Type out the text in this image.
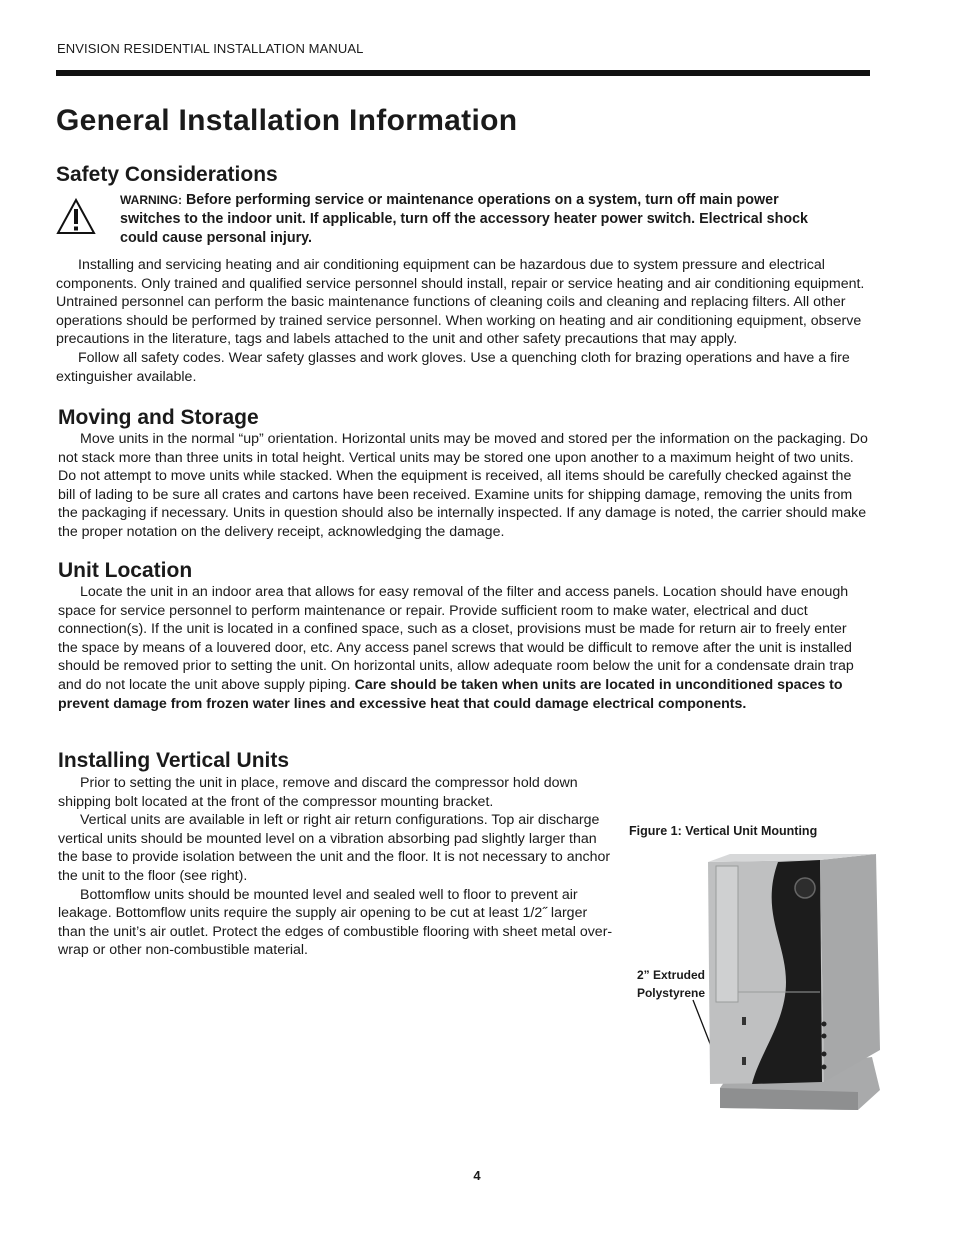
ENVISION RESIDENTIAL INSTALLATION MANUAL
General Installation Information
Safety Considerations
WARNING: Before performing service or maintenance operations on a system, turn off main power switches to the indoor unit. If applicable, turn off the accessory heater power switch. Electrical shock could cause personal injury.

Installing and servicing heating and air conditioning equipment can be hazardous due to system pressure and electrical components. Only trained and qualified service personnel should install, repair or service heating and air conditioning equipment. Untrained personnel can perform the basic maintenance functions of cleaning coils and cleaning and replacing filters. All other operations should be performed by trained service personnel. When working on heating and air conditioning equipment, observe precautions in the literature, tags and labels attached to the unit and other safety precautions that may apply.

Follow all safety codes. Wear safety glasses and work gloves. Use a quenching cloth for brazing operations and have a fire extinguisher available.

Moving and Storage

Move units in the normal “up” orientation. Horizontal units may be moved and stored per the information on the packaging. Do not stack more than three units in total height. Vertical units may be stored one upon another to a maximum height of two units. Do not attempt to move units while stacked. When the equipment is received, all items should be carefully checked against the bill of lading to be sure all crates and cartons have been received. Examine units for shipping damage, removing the units from the packaging if necessary. Units in question should also be internally inspected. If any damage is noted, the carrier should make the proper notation on the delivery receipt, acknowledging the damage.

Unit Location

Locate the unit in an indoor area that allows for easy removal of the filter and access panels. Location should have enough space for service personnel to perform maintenance or repair. Provide sufficient room to make water, electrical and duct connection(s). If the unit is located in a confined space, such as a closet, provisions must be made for return air to freely enter the space by means of a louvered door, etc. Any access panel screws that would be difficult to remove after the unit is installed should be removed prior to setting the unit. On horizontal units, allow adequate room below the unit for a condensate drain trap and do not locate the unit above supply piping. Care should be taken when units are located in unconditioned spaces to prevent damage from frozen water lines and excessive heat that could damage electrical components.

Installing Vertical Units

Prior to setting the unit in place, remove and discard the compressor hold down shipping bolt located at the front of the compressor mounting bracket.

Vertical units are available in left or right air return configurations. Top air discharge vertical units should be mounted level on a vibration absorbing pad slightly larger than the base to provide isolation between the unit and the floor. It is not necessary to anchor the unit to the floor (see right).

Bottomflow units should be mounted level and sealed well to floor to prevent air leakage. Bottomflow units require the supply air opening to be cut at least 1/2˝ larger than the unit’s air outlet. Protect the edges of combustible flooring with sheet metal over-wrap or other non-combustible material.

Figure 1: Vertical Unit Mounting
2” Extruded
Polystyrene
4
